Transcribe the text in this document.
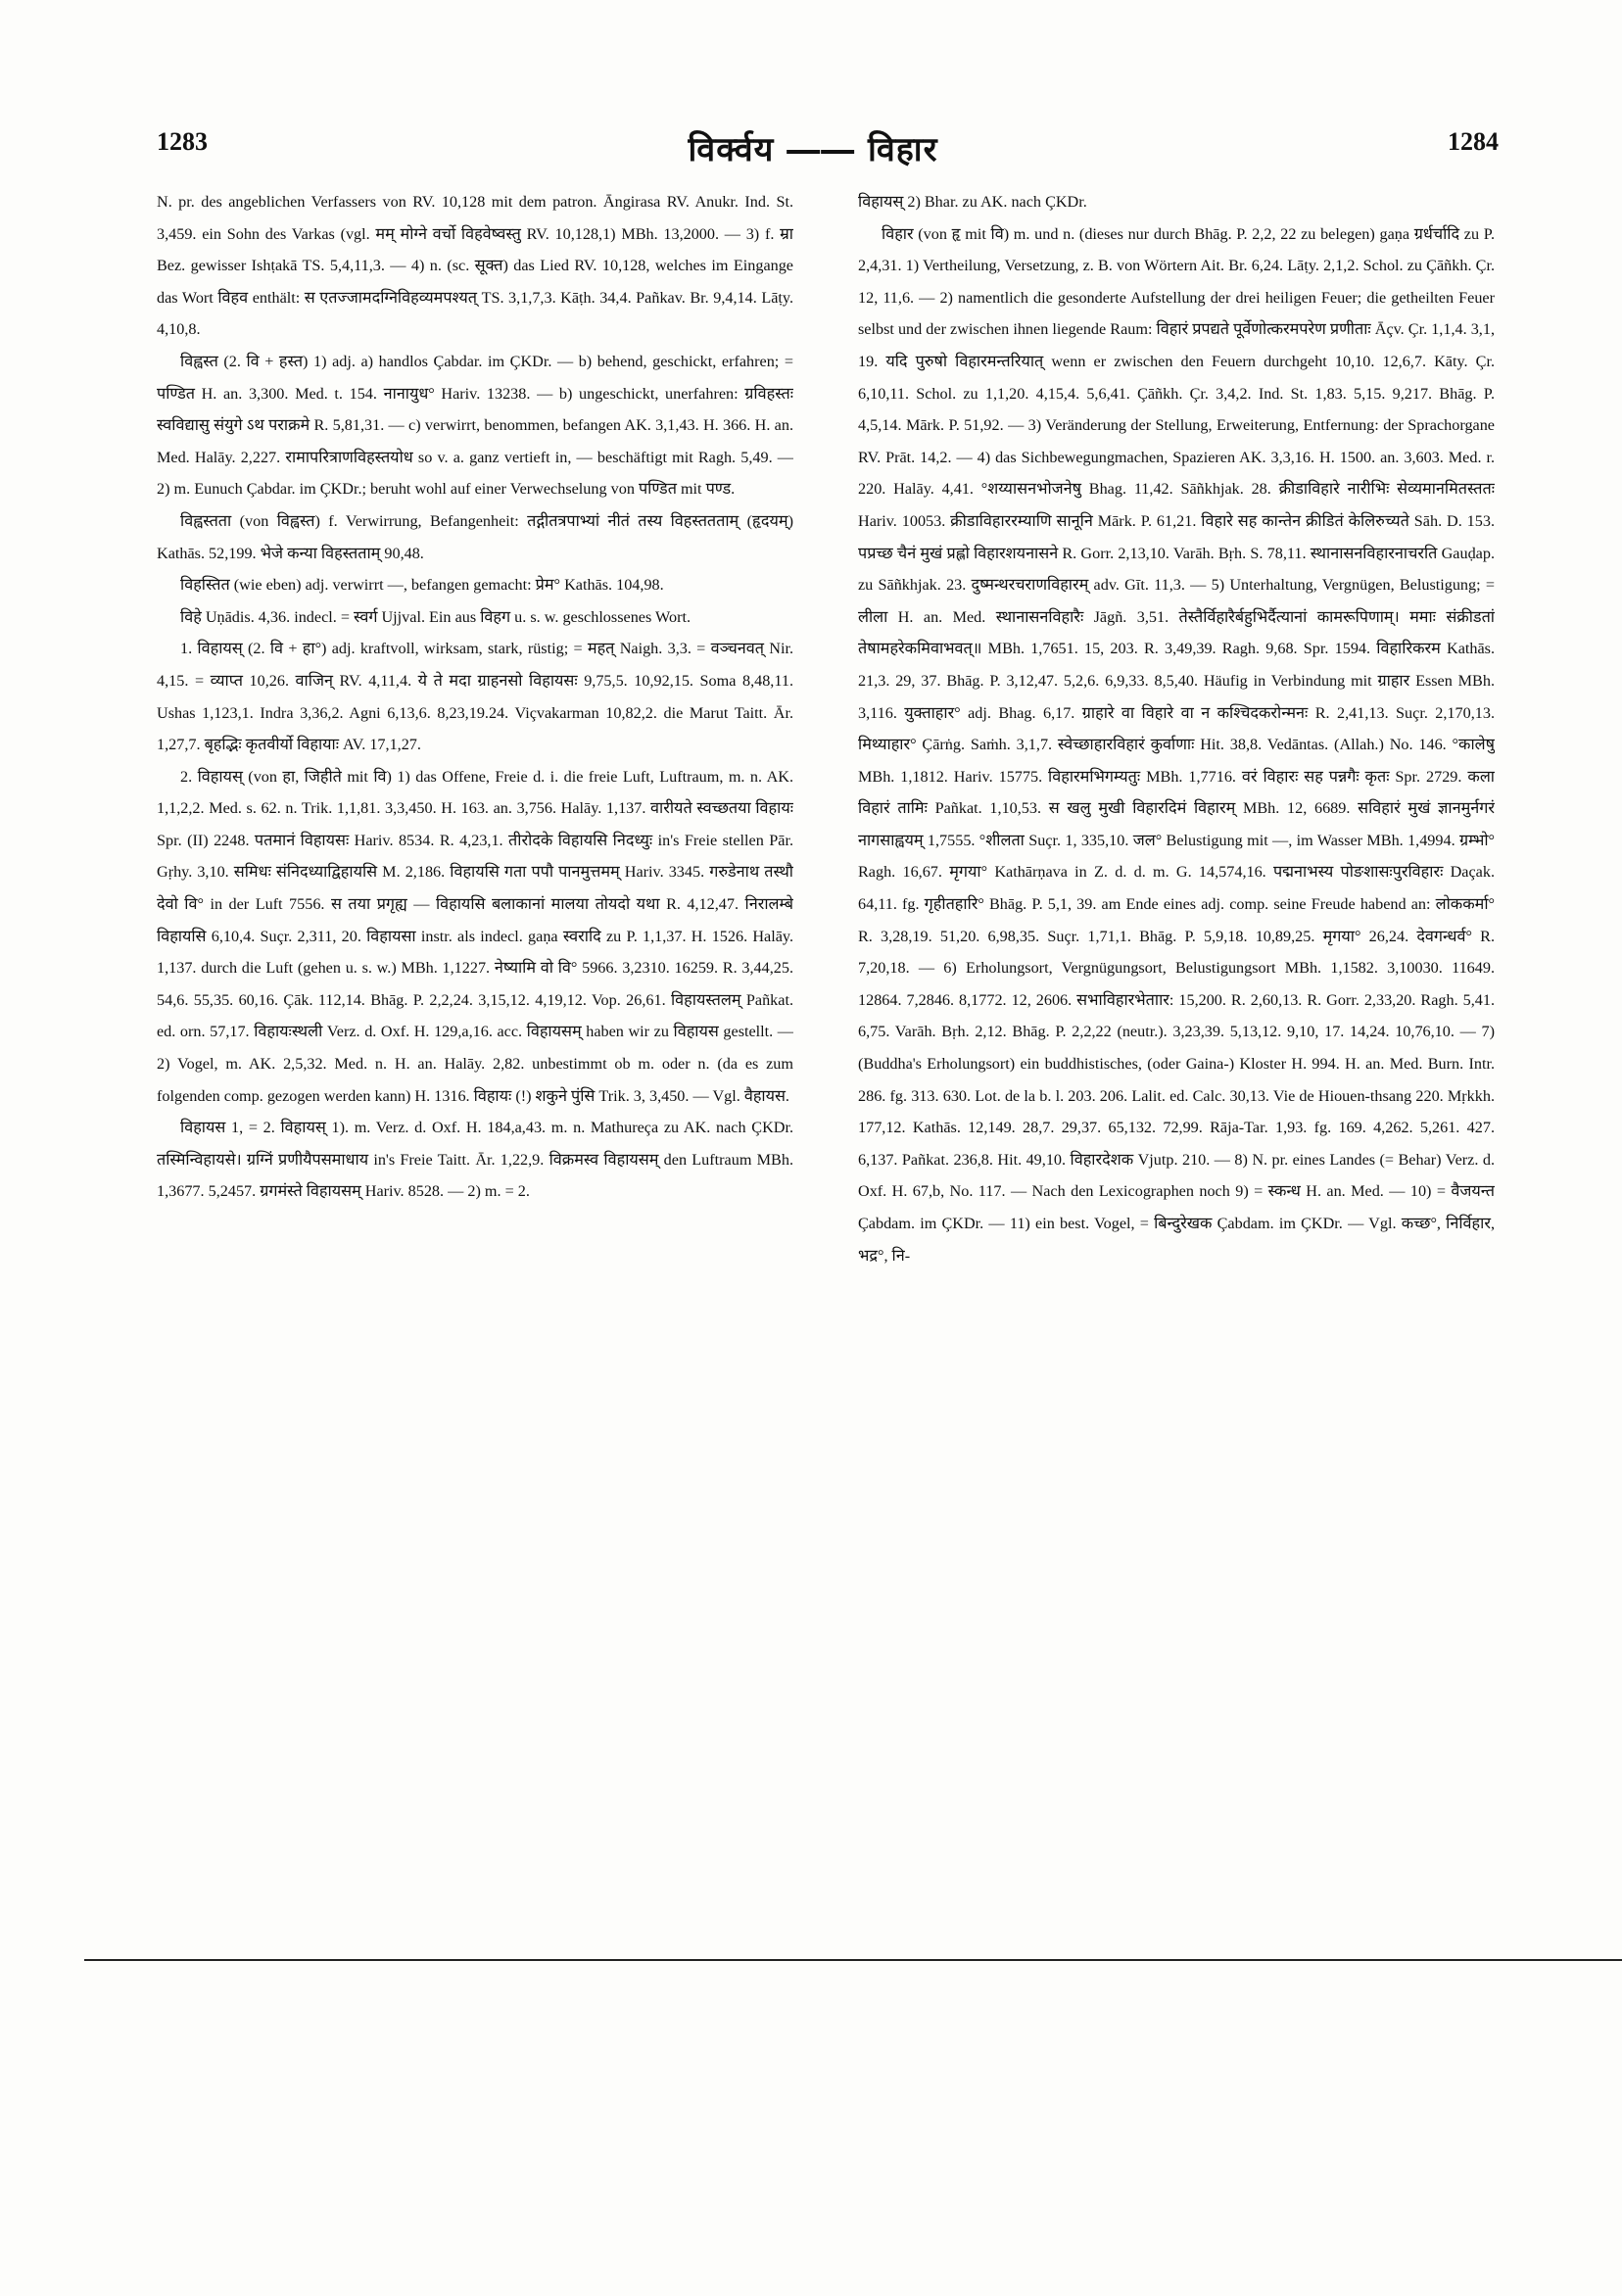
1283	विर्क्वय ―― विहार	1284

N. pr. des angeblichen Verfassers von RV. 10,128 mit dem patron. Āngirasa RV. Anukr. Ind. St. 3,459. ein Sohn des Varkas (vgl. मम् मोग्ने वर्चो विहवेष्वस्तु RV. 10,128,1) MBh. 13,2000. — 3) f. म्रा Bez. gewisser Ishṭakā TS. 5,4,11,3. — 4) n. (sc. सूक्त) das Lied RV. 10,128, welches im Eingange das Wort विहव enthält: स एतज्जामदग्निविहव्यमपश्यत् TS. 3,1,7,3. Kāṭh. 34,4. Pañkav. Br. 9,4,14. Lāṭy. 4,10,8.

विह्वस्त (2. वि + हस्त) 1) adj. a) handlos Çabdar. im ÇKDr. — b) behend, geschickt, erfahren; = पण्डित H. an. 3,300. Med. t. 154. नानायुध° Hariv. 13238. — b) ungeschickt, unerfahren: ग्रविहस्तः स्वविद्यासु संयुगे ऽथ पराक्रमे R. 5,81,31. — c) verwirrt, benommen, befangen AK. 3,1,43. H. 366. H. an. Med. Halāy. 2,227. रामापरित्राणविहस्तयोध so v. a. ganz vertieft in, — beschäftigt mit Ragh. 5,49. — 2) m. Eunuch Çabdar. im ÇKDr.; beruht wohl auf einer Verwechselung von पण्डित mit पण्ड.

विह्वस्तता (von विह्वस्त) f. Verwirrung, Befangenheit: तद्गीतत्रपाभ्यां नीतं तस्य विहस्ततताम् (हृदयम्) Kathās. 52,199. भेजे कन्या विहस्तताम् 90,48.

विहस्तित (wie eben) adj. verwirrt —, befangen gemacht: प्रेम° Kathās. 104,98.

विहे Uṇādis. 4,36. indecl. = स्वर्ग Ujjval. Ein aus विहग u. s. w. geschlossenes Wort.

1. विहायस् (2. वि + हा°) adj. kraftvoll, wirksam, stark, rüstig; = महत् Naigh. 3,3. = वञ्चनवत् Nir. 4,15. = व्याप्त 10,26. वाजिन् RV. 4,11,4. ये ते मदा ग्राहनसो विहायसः 9,75,5. 10,92,15. Soma 8,48,11. Ushas 1,123,1. Indra 3,36,2. Agni 6,13,6. 8,23,19.24. Viçvakarman 10,82,2. die Marut Taitt. Ār. 1,27,7. बृहद्भिः कृतवीर्यो विहायाः AV. 17,1,27.

2. विहायस् (von हा, जिहीते mit वि) 1) das Offene, Freie d. i. die freie Luft, Luftraum, m. n. AK. 1,1,2,2. Med. s. 62. n. Trik. 1,1,81. 3,3,450. H. 163. an. 3,756. Halāy. 1,137. वारीयते स्वच्छतया विहायः Spr. (II) 2248. पतमानं विहायसः Hariv. 8534. R. 4,23,1. तीरोदके विहायसि निदध्युः in's Freie stellen Pār. Gṛhy. 3,10. समिधः संनिदध्याद्विहायसि M. 2,186. विहायसि गता पपौ पानमुत्तमम् Hariv. 3345. गरुडेनाथ तस्थौ देवो वि° in der Luft 7556. स तया प्रगृह्य — विहायसि बलाकानां मालया तोयदो यथा R. 4,12,47. निरालम्बे विहायसि 6,10,4. Suçr. 2,311, 20. विहायसा instr. als indecl. gaṇa स्वरादि zu P. 1,1,37. H. 1526. Halāy. 1,137. durch die Luft (gehen u. s. w.) MBh. 1,1227. नेष्यामि वो वि° 5966. 3,2310. 16259. R. 3,44,25. 54,6. 55,35. 60,16. Çāk. 112,14. Bhāg. P. 2,2,24. 3,15,12. 4,19,12. Vop. 26,61. विहायस्तलम् Pañkat. ed. orn. 57,17. विहायःस्थली Verz. d. Oxf. H. 129,a,16. acc. विहायसम् haben wir zu विहायस gestellt. — 2) Vogel, m. AK. 2,5,32. Med. n. H. an. Halāy. 2,82. unbestimmt ob m. oder n. (da es zum folgenden comp. gezogen werden kann) H. 1316. विहायः (!) शकुने पुंसि Trik. 3, 3,450. — Vgl. वैहायस.

विहायस 1, = 2. विहायस् 1). m. Verz. d. Oxf. H. 184,a,43. m. n. Mathureça zu AK. nach ÇKDr. तस्मिन्विहायसे। ग्रग्निं प्रणीयैपसमाधाय in's Freie Taitt. Ār. 1,22,9. विक्रमस्व विहायसम् den Luftraum MBh. 1,3677. 5,2457. ग्रगमंस्ते विहायसम् Hariv. 8528. — 2) m. = 2.

विहायस् 2) Bhar. zu AK. nach ÇKDr.

विहार (von हृ mit वि) m. und n. (dieses nur durch Bhāg. P. 2,2, 22 zu belegen) gaṇa ग्रर्धर्चादि zu P. 2,4,31. 1) Vertheilung, Versetzung, z. B. von Wörtern Ait. Br. 6,24. Lāṭy. 2,1,2. Schol. zu Çāñkh. Çr. 12, 11,6. — 2) namentlich die gesonderte Aufstellung der drei heiligen Feuer; die getheilten Feuer selbst und der zwischen ihnen liegende Raum: विहारं प्रपद्यते पूर्वेणोत्करमपरेण प्रणीताः Āçv. Çr. 1,1,4. 3,1, 19. यदि पुरुषो विहारमन्तरियात् wenn er zwischen den Feuern durchgeht 10,10. 12,6,7. Kāty. Çr. 6,10,11. Schol. zu 1,1,20. 4,15,4. 5,6,41. Çāñkh. Çr. 3,4,2. Ind. St. 1,83. 5,15. 9,217. Bhāg. P. 4,5,14. Mārk. P. 51,92. — 3) Veränderung der Stellung, Erweiterung, Entfernung: der Sprachorgane RV. Prāt. 14,2. — 4) das Sichbewegungmachen, Spazieren AK. 3,3,16. H. 1500. an. 3,603. Med. r. 220. Halāy. 4,41. °शय्यासनभोजनेषु Bhag. 11,42. Sāñkhjak. 28. क्रीडाविहारे नारीभिः सेव्यमानमितस्ततः Hariv. 10053. क्रीडाविहाररम्याणि सानूनि Mārk. P. 61,21. विहारे सह कान्तेन क्रीडितं केलिरुच्यते Sāh. D. 153. पप्रच्छ चैनं मुखं प्रह्लो विहारशयनासने R. Gorr. 2,13,10. Varāh. Bṛh. S. 78,11. स्थानासनविहारनाचरति Gauḍap. zu Sāñkhjak. 23. दुष्मन्थरचराणविहारम् adv. Gīt. 11,3. — 5) Unterhaltung, Vergnügen, Belustigung; = लीला H. an. Med. स्थानासनविहारैः Jāgñ. 3,51. तेस्तैर्विहारैर्बहुभिर्दैत्यानां कामरूपिणाम्। ममाः संक्रीडतां तेषामहरेकमिवाभवत्॥ MBh. 1,7651. 15, 203. R. 3,49,39. Ragh. 9,68. Spr. 1594. विहारिकरम Kathās. 21,3. 29, 37. Bhāg. P. 3,12,47. 5,2,6. 6,9,33. 8,5,40. Häufig in Verbindung mit ग्राहार Essen MBh. 3,116. युक्ताहार° adj. Bhag. 6,17. ग्राहारे वा विहारे वा न कश्चिदकरोन्मनः R. 2,41,13. Suçr. 2,170,13. मिथ्याहार° Çārṅg. Saṁh. 3,1,7. स्वेच्छाहारविहारं कुर्वाणाः Hit. 38,8. Vedāntas. (Allah.) No. 146. °कालेषु MBh. 1,1812. Hariv. 15775. विहारमभिगम्यतुः MBh. 1,7716. वरं विहारः सह पन्नगैः कृतः Spr. 2729. कला विहारं तामिः Pañkat. 1,10,53. स खलु मुखी विहारदिमं विहारम् MBh. 12, 6689. सविहारं मुखं ज्ञानमुर्नगरं नागसाह्वयम् 1,7555. °शीलता Suçr. 1, 335,10. जल° Belustigung mit —, im Wasser MBh. 1,4994. ग्रम्भो° Ragh. 16,67. मृगया° Kathārṇava in Z. d. d. m. G. 14,574,16. पद्मनाभस्य पोङशासःपुरविहारः Daçak. 64,11. fg. गृहीतहारि° Bhāg. P. 5,1, 39. am Ende eines adj. comp. seine Freude habend an: लोककर्मा° R. 3,28,19. 51,20. 6,98,35. Suçr. 1,71,1. Bhāg. P. 5,9,18. 10,89,25. मृगया° 26,24. देवगन्धर्व° R. 7,20,18. — 6) Erholungsort, Vergnügungsort, Belustigungsort MBh. 1,1582. 3,10030. 11649. 12864. 7,2846. 8,1772. 12, 2606. सभाविहारभेताार: 15,200. R. 2,60,13. R. Gorr. 2,33,20. Ragh. 5,41. 6,75. Varāh. Bṛh. 2,12. Bhāg. P. 2,2,22 (neutr.). 3,23,39. 5,13,12. 9,10, 17. 14,24. 10,76,10. — 7) (Buddha's Erholungsort) ein buddhistisches, (oder Gaina-) Kloster H. 994. H. an. Med. Burn. Intr. 286. fg. 313. 630. Lot. de la b. l. 203. 206. Lalit. ed. Calc. 30,13. Vie de Hiouen-thsang 220. Mṛkkh. 177,12. Kathās. 12,149. 28,7. 29,37. 65,132. 72,99. Rāja-Tar. 1,93. fg. 169. 4,262. 5,261. 427. 6,137. Pañkat. 236,8. Hit. 49,10. विहारदेशक Vjutp. 210. — 8) N. pr. eines Landes (= Behar) Verz. d. Oxf. H. 67,b, No. 117. — Nach den Lexicographen noch 9) = स्कन्ध H. an. Med. — 10) = वैजयन्त Çabdam. im ÇKDr. — 11) ein best. Vogel, = बिन्दुरेखक Çabdam. im ÇKDr. — Vgl. कच्छ°, निर्विहार, भद्र°, नि-
